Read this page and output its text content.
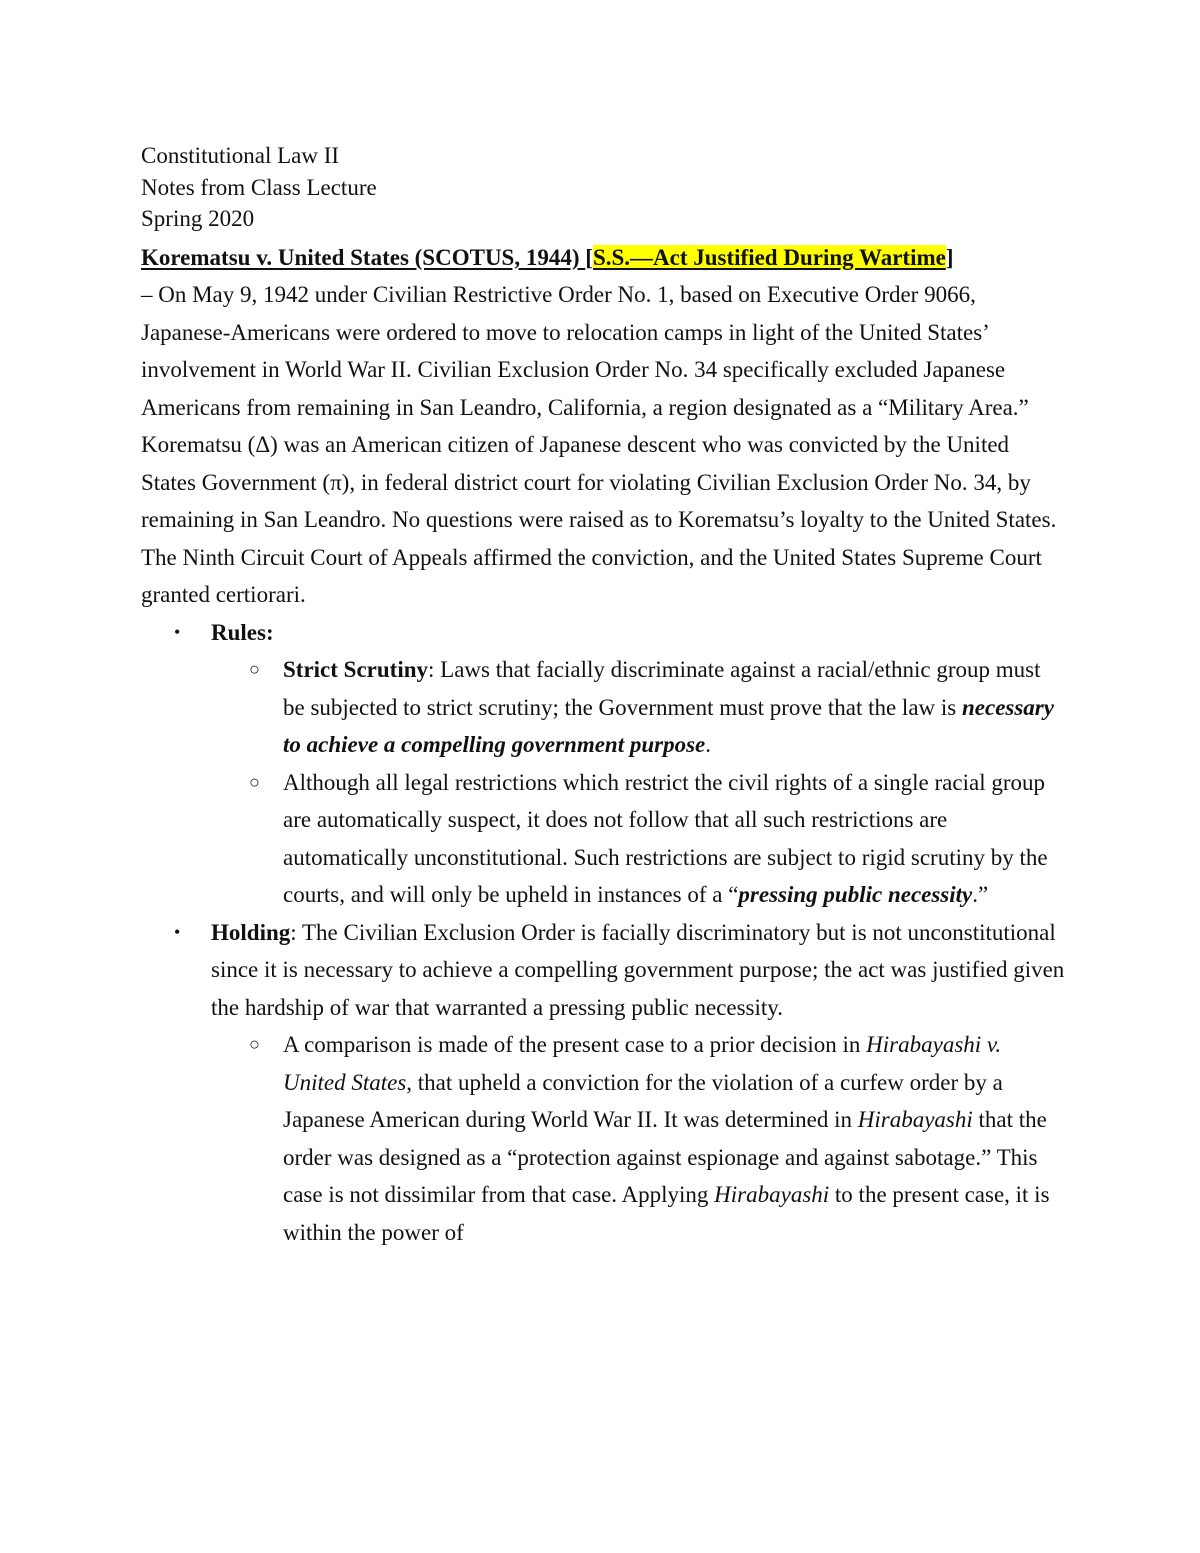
Constitutional Law II
Notes from Class Lecture
Spring 2020

Korematsu v. United States (SCOTUS, 1944) [S.S.—Act Justified During Wartime]
– On May 9, 1942 under Civilian Restrictive Order No. 1, based on Executive Order 9066, Japanese-Americans were ordered to move to relocation camps in light of the United States’ involvement in World War II. Civilian Exclusion Order No. 34 specifically excluded Japanese Americans from remaining in San Leandro, California, a region designated as a “Military Area.” Korematsu (Δ) was an American citizen of Japanese descent who was convicted by the United States Government (π), in federal district court for violating Civilian Exclusion Order No. 34, by remaining in San Leandro. No questions were raised as to Korematsu’s loyalty to the United States. The Ninth Circuit Court of Appeals affirmed the conviction, and the United States Supreme Court granted certiorari.

• Rules:
○ Strict Scrutiny: Laws that facially discriminate against a racial/ethnic group must be subjected to strict scrutiny; the Government must prove that the law is necessary to achieve a compelling government purpose.
○ Although all legal restrictions which restrict the civil rights of a single racial group are automatically suspect, it does not follow that all such restrictions are automatically unconstitutional. Such restrictions are subject to rigid scrutiny by the courts, and will only be upheld in instances of a “pressing public necessity.”
• Holding: The Civilian Exclusion Order is facially discriminatory but is not unconstitutional since it is necessary to achieve a compelling government purpose; the act was justified given the hardship of war that warranted a pressing public necessity.
○ A comparison is made of the present case to a prior decision in Hirabayashi v. United States, that upheld a conviction for the violation of a curfew order by a Japanese American during World War II. It was determined in Hirabayashi that the order was designed as a “protection against espionage and against sabotage.” This case is not dissimilar from that case. Applying Hirabayashi to the present case, it is within the power of
